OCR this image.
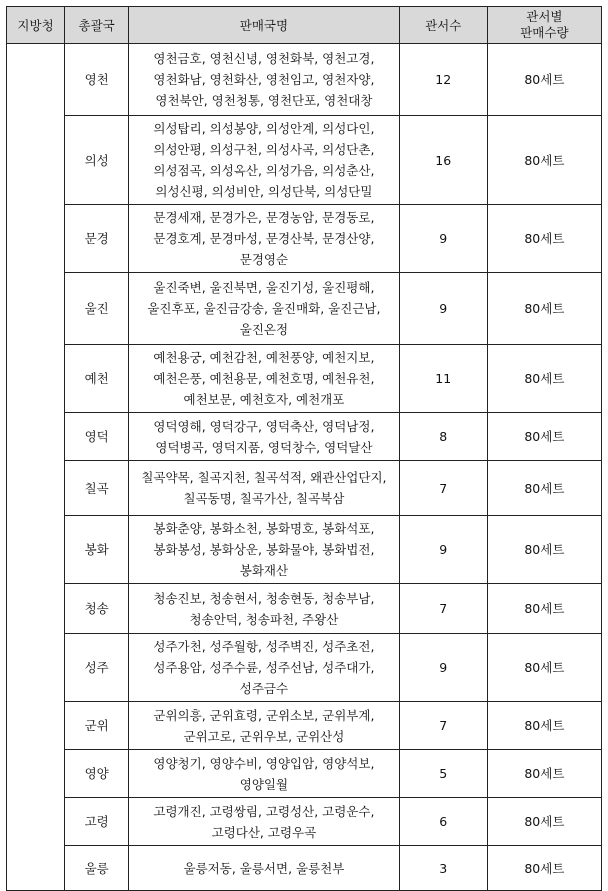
지방청	총괄국	판매국명	관서수	관서별
판매수량
	영천	영천금호, 영천신녕, 영천화북, 영천고경,
영천화남, 영천화산, 영천임고, 영천자양,
영천북안, 영천청통, 영천단포, 영천대창	12	80세트
	의성	의성탑리, 의성봉양, 의성안계, 의성다인,
의성안평, 의성구천, 의성사곡, 의성단촌,
의성점곡, 의성옥산, 의성가음, 의성춘산,
의성신평, 의성비안, 의성단북, 의성단밀	16	80세트
	문경	문경세재, 문경가은, 문경농암, 문경동로,
문경호계, 문경마성, 문경산북, 문경산양,
문경영순	9	80세트
	울진	울진죽변, 울진북면, 울진기성, 울진평해,
울진후포, 울진금강송, 울진매화, 울진근남,
울진온정	9	80세트
	예천	예천용궁, 예천감천, 예천풍양, 예천지보,
예천은풍, 예천용문, 예천호명, 예천유천,
예천보문, 예천호자, 예천개포	11	80세트
	영덕	영덕영해, 영덕강구, 영덕축산, 영덕남정,
영덕병곡, 영덕지품, 영덕창수, 영덕달산	8	80세트
	칠곡	칠곡약목, 칠곡지천, 칠곡석적, 왜관산업단지,
칠곡동명, 칠곡가산, 칠곡북삼	7	80세트
	봉화	봉화춘양, 봉화소천, 봉화명호, 봉화석포,
봉화봉성, 봉화상운, 봉화물야, 봉화법전,
봉화재산	9	80세트
	청송	청송진보, 청송현서, 청송현동, 청송부남,
청송안덕, 청송파천, 주왕산	7	80세트
	성주	성주가천, 성주월항, 성주벽진, 성주초전,
성주용암, 성주수륜, 성주선남, 성주대가,
성주금수	9	80세트
	군위	군위의흥, 군위효령, 군위소보, 군위부계,
군위고로, 군위우보, 군위산성	7	80세트
	영양	영양청기, 영양수비, 영양입암, 영양석보,
영양일월	5	80세트
	고령	고령개진, 고령쌍림, 고령성산, 고령운수,
고령다산, 고령우곡	6	80세트
	울릉	울릉저동, 울릉서면, 울릉천부	3	80세트
